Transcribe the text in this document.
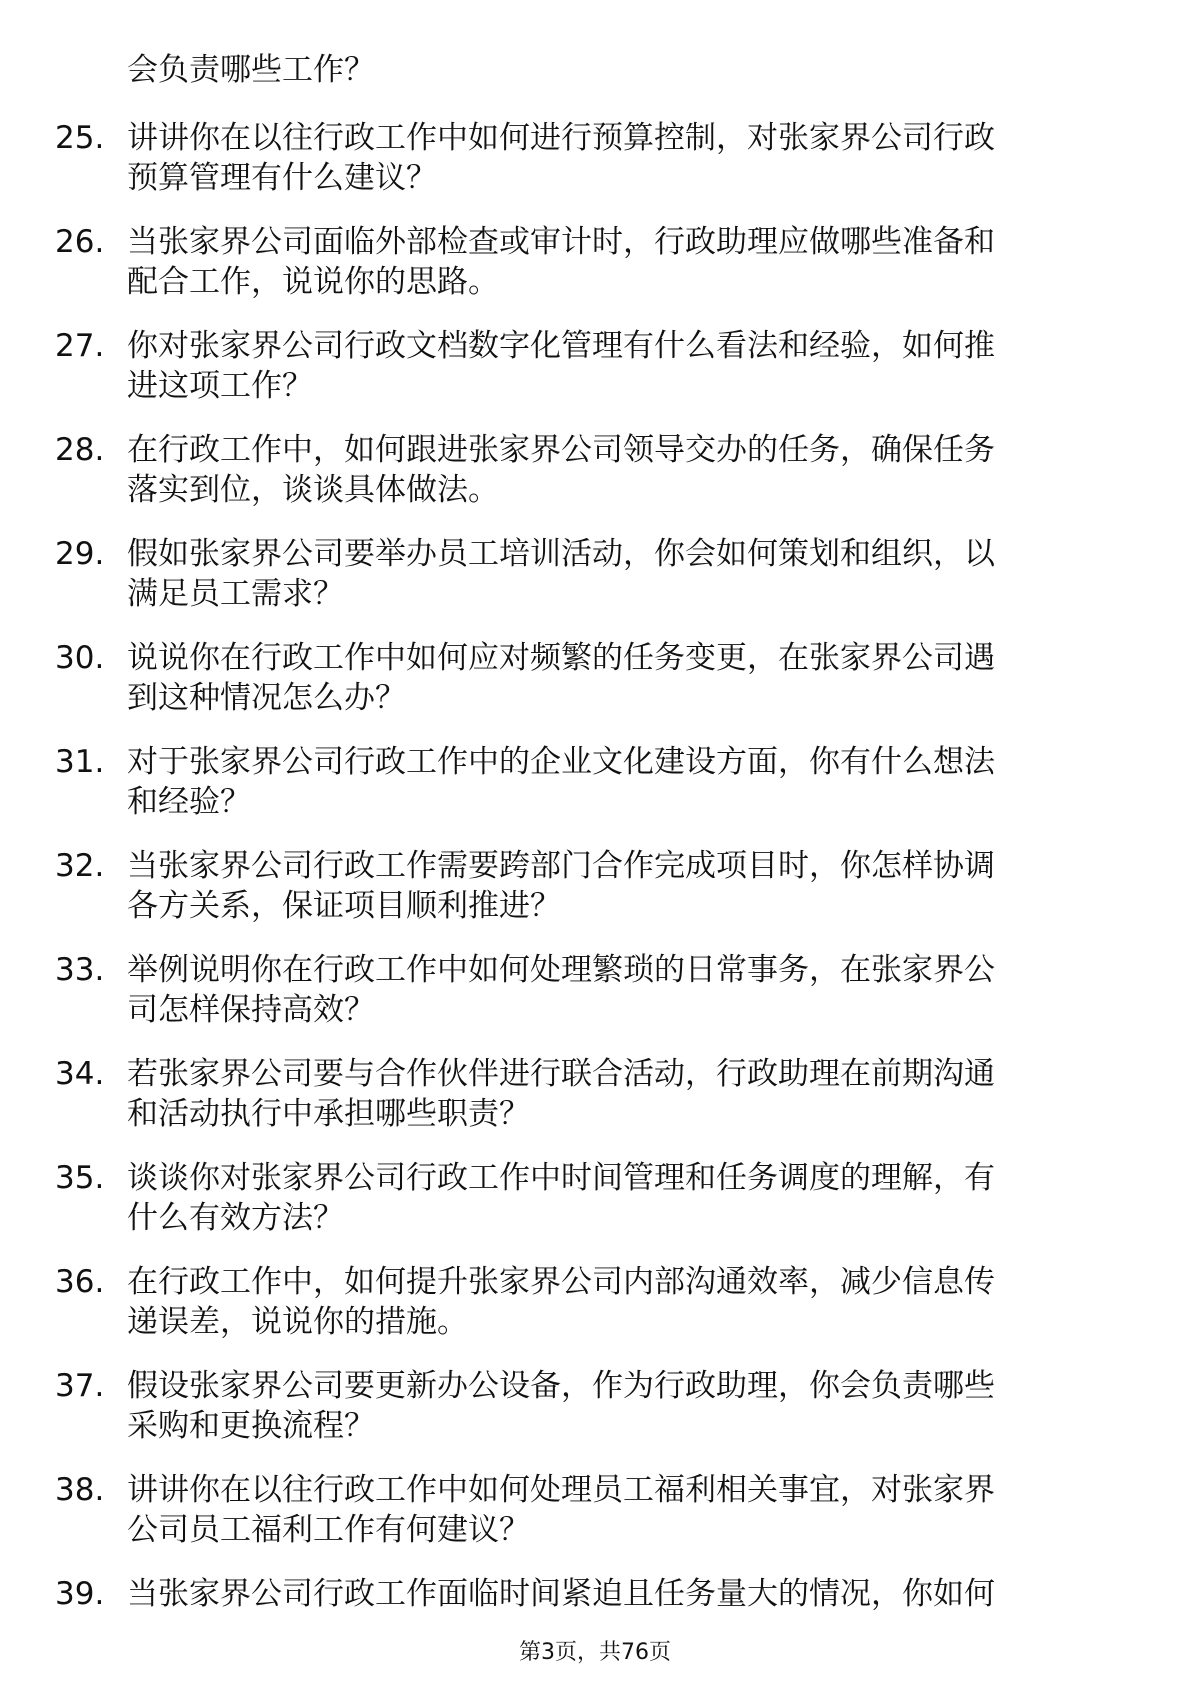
会负责哪些工作？

25. 讲讲你在以往行政工作中如何进行预算控制，对张家界公司行政
预算管理有什么建议？

26. 当张家界公司面临外部检查或审计时，行政助理应做哪些准备和
配合工作，说说你的思路。

27. 你对张家界公司行政文档数字化管理有什么看法和经验，如何推
进这项工作？

28. 在行政工作中，如何跟进张家界公司领导交办的任务，确保任务
落实到位，谈谈具体做法。

29. 假如张家界公司要举办员工培训活动，你会如何策划和组织，以
满足员工需求？

30. 说说你在行政工作中如何应对频繁的任务变更，在张家界公司遇
到这种情况怎么办？

31. 对于张家界公司行政工作中的企业文化建设方面，你有什么想法
和经验？

32. 当张家界公司行政工作需要跨部门合作完成项目时，你怎样协调
各方关系，保证项目顺利推进？

33. 举例说明你在行政工作中如何处理繁琐的日常事务，在张家界公
司怎样保持高效？

34. 若张家界公司要与合作伙伴进行联合活动，行政助理在前期沟通
和活动执行中承担哪些职责？

35. 谈谈你对张家界公司行政工作中时间管理和任务调度的理解，有
什么有效方法？

36. 在行政工作中，如何提升张家界公司内部沟通效率，减少信息传
递误差，说说你的措施。

37. 假设张家界公司要更新办公设备，作为行政助理，你会负责哪些
采购和更换流程？

38. 讲讲你在以往行政工作中如何处理员工福利相关事宜，对张家界
公司员工福利工作有何建议？

39. 当张家界公司行政工作面临时间紧迫且任务量大的情况，你如何

第3页，共76页
